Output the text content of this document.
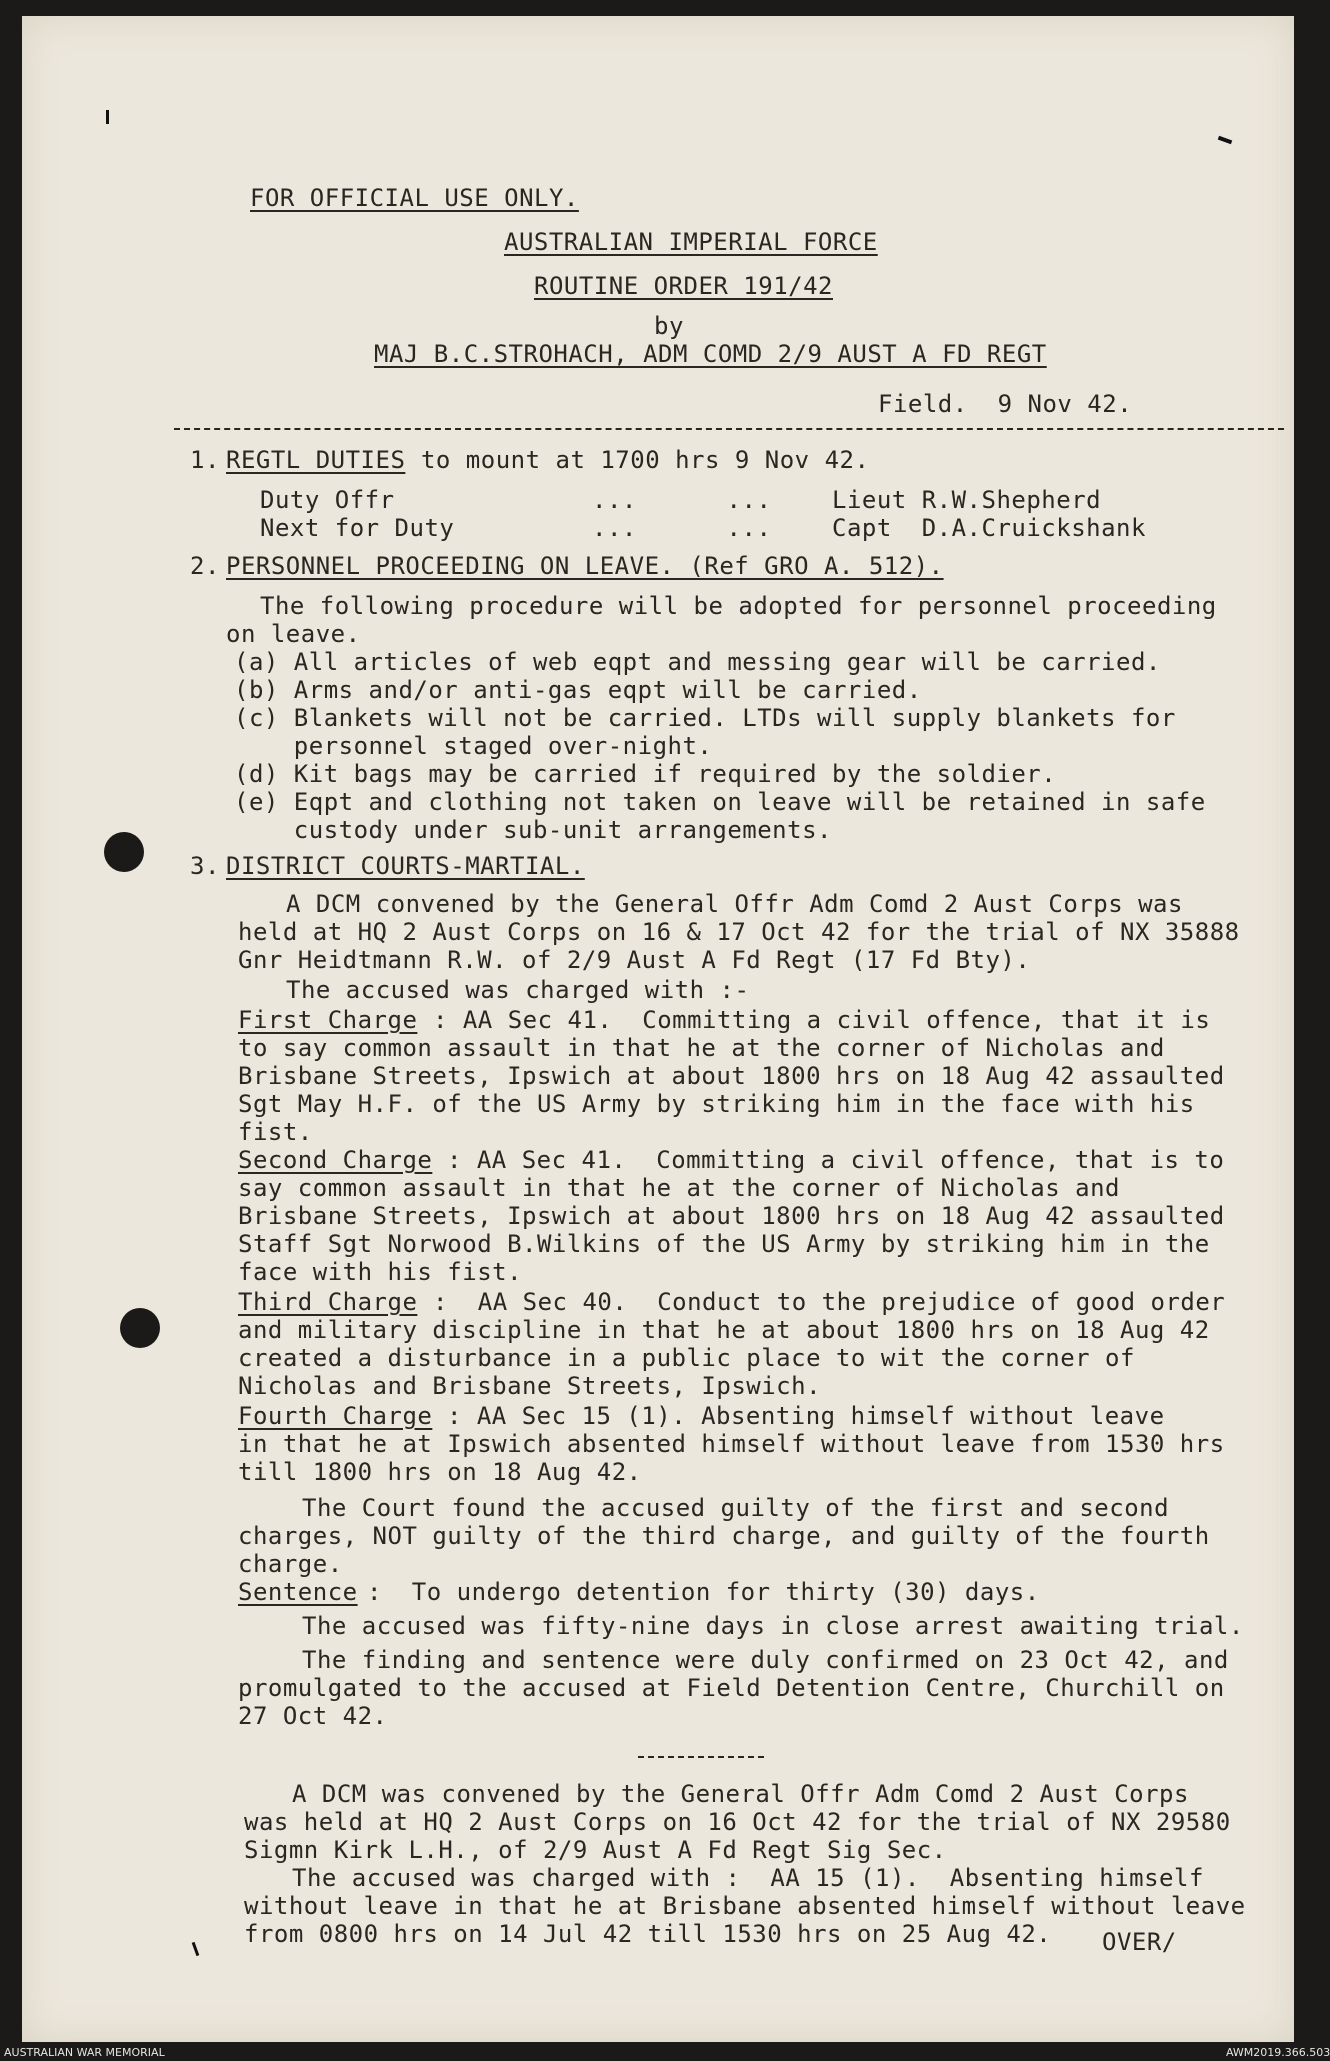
FOR OFFICIAL USE ONLY.
AUSTRALIAN IMPERIAL FORCE
ROUTINE ORDER 191/42
by
MAJ B.C.STROHACH, ADM COMD 2/9 AUST A FD REGT
Field.  9 Nov 42.
1. REGTL DUTIES to mount at 1700 hrs 9 Nov 42.
Duty Offr	...      ...	Lieut R.W.Shepherd
Next for Duty	...      ...	Capt  D.A.Cruickshank
2. PERSONNEL PROCEEDING ON LEAVE. (Ref GRO A. 512).
The following procedure will be adopted for personnel proceeding
on leave.
(a) All articles of web eqpt and messing gear will be carried.
(b) Arms and/or anti-gas eqpt will be carried.
(c) Blankets will not be carried. LTDs will supply blankets for
personnel staged over-night.
(d) Kit bags may be carried if required by the soldier.
(e) Eqpt and clothing not taken on leave will be retained in safe
custody under sub-unit arrangements.
3. DISTRICT COURTS-MARTIAL.
A DCM convened by the General Offr Adm Comd 2 Aust Corps was
held at HQ 2 Aust Corps on 16 & 17 Oct 42 for the trial of NX 35888
Gnr Heidtmann R.W. of 2/9 Aust A Fd Regt (17 Fd Bty).
The accused was charged with :-
First Charge : AA Sec 41.  Committing a civil offence, that it is
to say common assault in that he at the corner of Nicholas and
Brisbane Streets, Ipswich at about 1800 hrs on 18 Aug 42 assaulted
Sgt May H.F. of the US Army by striking him in the face with his
fist.
Second Charge : AA Sec 41.  Committing a civil offence, that is to
say common assault in that he at the corner of Nicholas and
Brisbane Streets, Ipswich at about 1800 hrs on 18 Aug 42 assaulted
Staff Sgt Norwood B.Wilkins of the US Army by striking him in the
face with his fist.
Third Charge :  AA Sec 40.  Conduct to the prejudice of good order
and military discipline in that he at about 1800 hrs on 18 Aug 42
created a disturbance in a public place to wit the corner of
Nicholas and Brisbane Streets, Ipswich.
Fourth Charge : AA Sec 15 (1). Absenting himself without leave
in that he at Ipswich absented himself without leave from 1530 hrs
till 1800 hrs on 18 Aug 42.
The Court found the accused guilty of the first and second
charges, NOT guilty of the third charge, and guilty of the fourth
charge.
Sentence
:  To undergo detention for thirty (30) days.
The accused was fifty-nine days in close arrest awaiting trial.
The finding and sentence were duly confirmed on 23 Oct 42, and
promulgated to the accused at Field Detention Centre, Churchill on
27 Oct 42.
A DCM was convened by the General Offr Adm Comd 2 Aust Corps
was held at HQ 2 Aust Corps on 16 Oct 42 for the trial of NX 29580
Sigmn Kirk L.H., of 2/9 Aust A Fd Regt Sig Sec.
The accused was charged with :  AA 15 (1).  Absenting himself
without leave in that he at Brisbane absented himself without leave
from 0800 hrs on 14 Jul 42 till 1530 hrs on 25 Aug 42. OVER/
AUSTRALIAN WAR MEMORIAL	AWM2019.366.503
